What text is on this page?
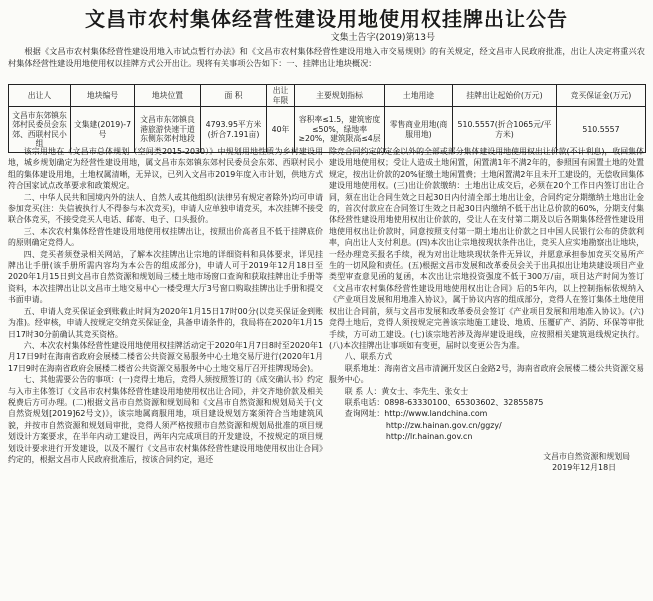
文昌市农村集体经营性建设用地使用权挂牌出让公告
文集土告字(2019)第13号

根据《文昌市农村集体经营性建设用地入市试点暂行办法》和《文昌市农村集体经营性建设用地入市交易规则》的有关规定，经文昌市人民政府批准，出让人决定将重兴农村集体经营性建设用地使用权以挂牌方式公开出让。现将有关事项公告如下：一、挂牌出让地块概况：

出让人	地块编号	地块位置	面 积	出让年限	主要规划指标	土地用途	挂牌出让起始价(万元)	竞买保证金(万元)
文昌市东郊镇东郊村民委员会东郊、西联村民小组	文集建(2019)-7号	文昌市东郊镇良港旅游快速干道东侧东郊村地段	4793.95平方米(折合7.191亩)	40年	容积率≤1.5，建筑密度≤50%，绿地率≥20%，建筑限高≤4层	零售商业用地(商服用地)	510.5557(折合1065元/平方米)	510.5557

该宗用地在《文昌市总体规划（空间类2015-2030）》中规划用地性质为乡村建设用地，城乡规划确定为经营性建设用地，属文昌市东郊镇东郊村民委员会东郊、西联村民小组的集体建设用地，土地权属清晰，无异议，已列入文昌市2019年度入市计划，供地方式符合国家试点改革要求和政策规定。

二、中华人民共和国境内外的法人、自然人或其他组织(法律另有规定者除外)均可申请参加竞买(注：失信被执行人不得参与本次竞买)，申请人应单独申请竞买，本次挂牌不接受联合体竞买，不接受竞买人电话、邮寄、电子、口头报价。

三、本次农村集体经营性建设用地使用权挂牌出让，按照出价高者且不低于挂牌底价的原则确定竞得人。

四、竞买者须登录相关网站，了解本次挂牌出让宗地的详细资料和具体要求，详见挂牌出让手册(该手册所需内容均为本公告的组成部分)，申请人可于2019年12月18日至2020年1月15日到文昌市自然资源和规划局三楼土地市场窗口查询和获取挂牌出让手册等资料，本次挂牌出让以文昌市土地交易中心一楼受理大厅3号窗口购取挂牌出让手册和提交书面申请。

五、申请人竞买保证金到账截止时间为2020年1月15日17时00分(以竞买保证金到账为准)。经审核，申请人按规定交纳竞买保证金，具备申请条件的，我局将在2020年1月15日17时30分前确认其竞买资格。

六、本次农村集体经营性建设用地使用权挂牌活动定于2020年1月7日8时至2020年1月17日9时在海南省政府会展楼二楼省公共资源交易服务中心土地交易厅进行(2020年1月17日9时在海南省政府会展楼二楼省公共资源交易服务中心土地交易厅召开挂牌现场会)。

七、其他需要公告的事项：(一)竞得土地后，竞得人须按照签订的《成交确认书》约定与入市主体签订《文昌市农村集体经营性建设用地使用权出让合同》，并交齐地价款及相关税费后方可办理。(二)根据文昌市自然资源和规划局和《文昌市自然资源和规划局关于(文自然资规划[2019]62号文)》，该宗地属商服用地，项目建设规划方案须符合当地建筑风貌，并按市自然资源和规划局审批，竞得人须严格按照市自然资源和规划局批准的项目规划设计方案要求，在半年内动工建设目，两年内完成项目的开发建设，不按规定的项目规划设计要求进行开发建设，以及不履行《文昌市农村集体经营性建设用地使用权出让合同》约定的，根据文昌市人民政府批准后，按该合同约定，退还

除竞合同约定的定金以外的全部或部分集体建设用地使用权出让价款(不计利息)，收回集体建设用地使用权；受让人造成土地闲置，闲置满1年不满2年的，参照国有闲置土地的处置规定，按出让价款的20%征缴土地闲置费；土地闲置满2年且未开工建设的，无偿收回集体建设用地使用权。(三)出让价款缴纳：土地出让成交后，必须在20个工作日内签订出让合同，须在出让合同生效之日起30日内付清全部土地出让金，合同约定分期缴纳土地出让金的，首次付款应在合同签订生效之日起30日内缴纳不低于出让总价款的60%，分期支付集体经营性建设用地使用权出让价款的，受让人在支付第二期及以后各期集体经营性建设用地使用权出让价款时，同意按照支付第一期土地出让价款之日中国人民银行公布的贷款利率，向出让人支付利息。(四)本次出让宗地按现状条件出让，竞买人应实地勘察出让地块，一经办理竞买报名手续，视为对出让地块现状条件无异议，并愿意承担参加竞买交易所产生的一切风险和责任。(五)根据文昌市发展和改革委员会关于出具拟出让地块建设项目产业类型审查意见函的复函，本次出让宗地投资强度不低于300万/亩，项目达产时间为签订《文昌市农村集体经营性建设用地使用权出让合同》后的5年内，以上控制指标依规纳入《产业项目发展和用地准入协议》，属于协议内容的组成部分，竞得人在签订集体土地使用权出让合同前，须与文昌市发展和改革委员会签订《产业项目发展和用地准入协议》。(六)竞得土地后，竞得人须按规定完善该宗地施工建设、地质、压覆矿产、消防、环保等审批手续，方可动工建设。(七)该宗地若涉及海岸建设退线，应按照相关建筑退线规定执行。(八)本次挂牌出让事项如有变更，届时以变更公告为准。

八、联系方式

联系地址：海南省文昌市清澜开发区白金路2号，海南省政府会展楼二楼公共资源交易服务中心。

联 系 人：黄女士、李先生、张女士

联系电话：0898-63330100、65303602、32855875

查询网址：http://www.landchina.com

http://zw.hainan.gov.cn/ggzy/

http://lr.hainan.gov.cn

文昌市自然资源和规划局
2019年12月18日
